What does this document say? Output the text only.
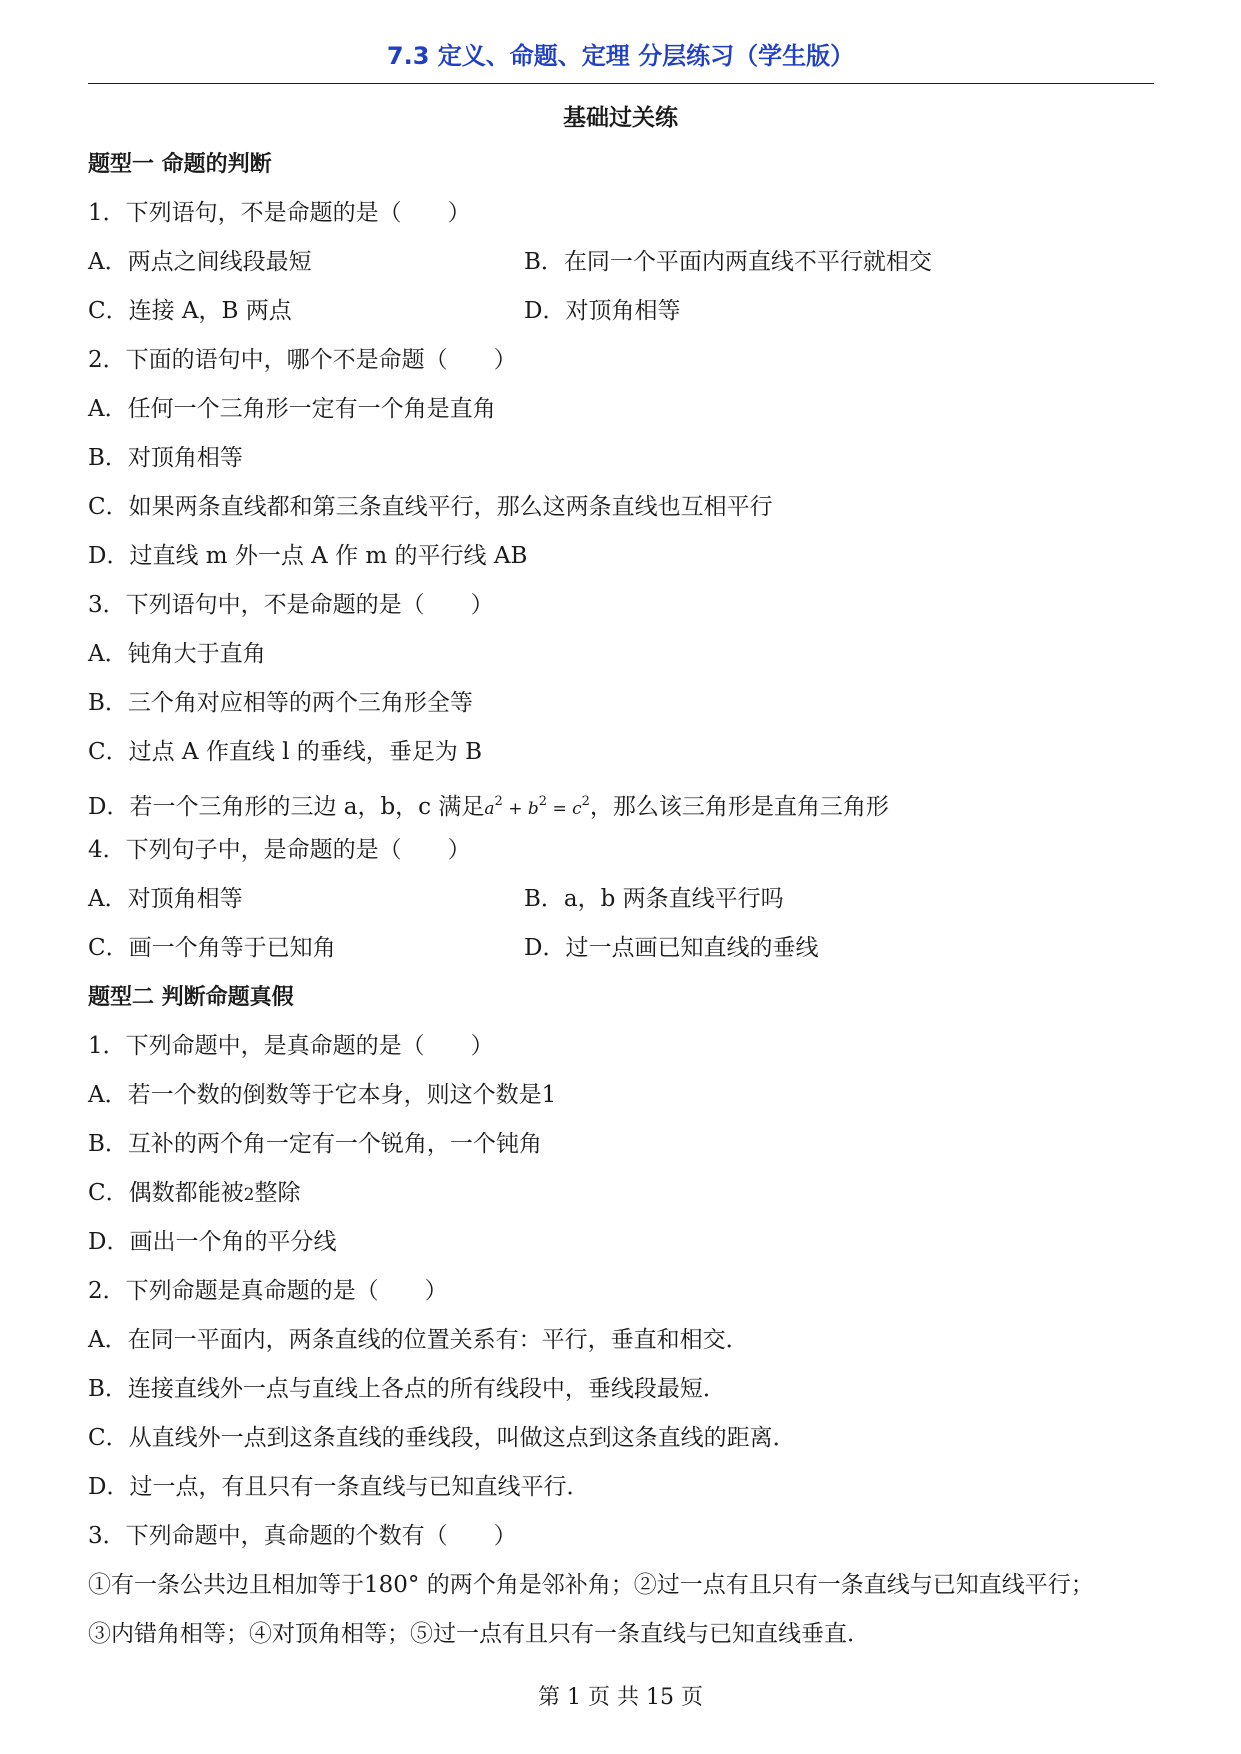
7.3 定义、命题、定理 分层练习（学生版）
基础过关练
题型一 命题的判断
1．下列语句，不是命题的是（　　）
A．两点之间线段最短	B．在同一个平面内两直线不平行就相交
C．连接 A，B 两点	D．对顶角相等
2．下面的语句中，哪个不是命题（　　）
A．任何一个三角形一定有一个角是直角
B．对顶角相等
C．如果两条直线都和第三条直线平行，那么这两条直线也互相平行
D．过直线 m 外一点 A 作 m 的平行线 AB
3．下列语句中，不是命题的是（　　）
A．钝角大于直角
B．三个角对应相等的两个三角形全等
C．过点 A 作直线 l 的垂线，垂足为 B
D．若一个三角形的三边 a，b，c 满足$a^2 + b^2 = c^2$，那么该三角形是直角三角形
4．下列句子中，是命题的是（　　）
A．对顶角相等	B．a，b 两条直线平行吗
C．画一个角等于已知角	D．过一点画已知直线的垂线
题型二 判断命题真假
1．下列命题中，是真命题的是（　　）
A．若一个数的倒数等于它本身，则这个数是1
B．互补的两个角一定有一个锐角，一个钝角
C．偶数都能被2整除
D．画出一个角的平分线
2．下列命题是真命题的是（　　）
A．在同一平面内，两条直线的位置关系有：平行，垂直和相交．
B．连接直线外一点与直线上各点的所有线段中，垂线段最短．
C．从直线外一点到这条直线的垂线段，叫做这点到这条直线的距离．
D．过一点，有且只有一条直线与已知直线平行．
3．下列命题中，真命题的个数有（　　）
①有一条公共边且相加等于180° 的两个角是邻补角；②过一点有且只有一条直线与已知直线平行；
③内错角相等；④对顶角相等；⑤过一点有且只有一条直线与已知直线垂直．
第 1 页 共 15 页
